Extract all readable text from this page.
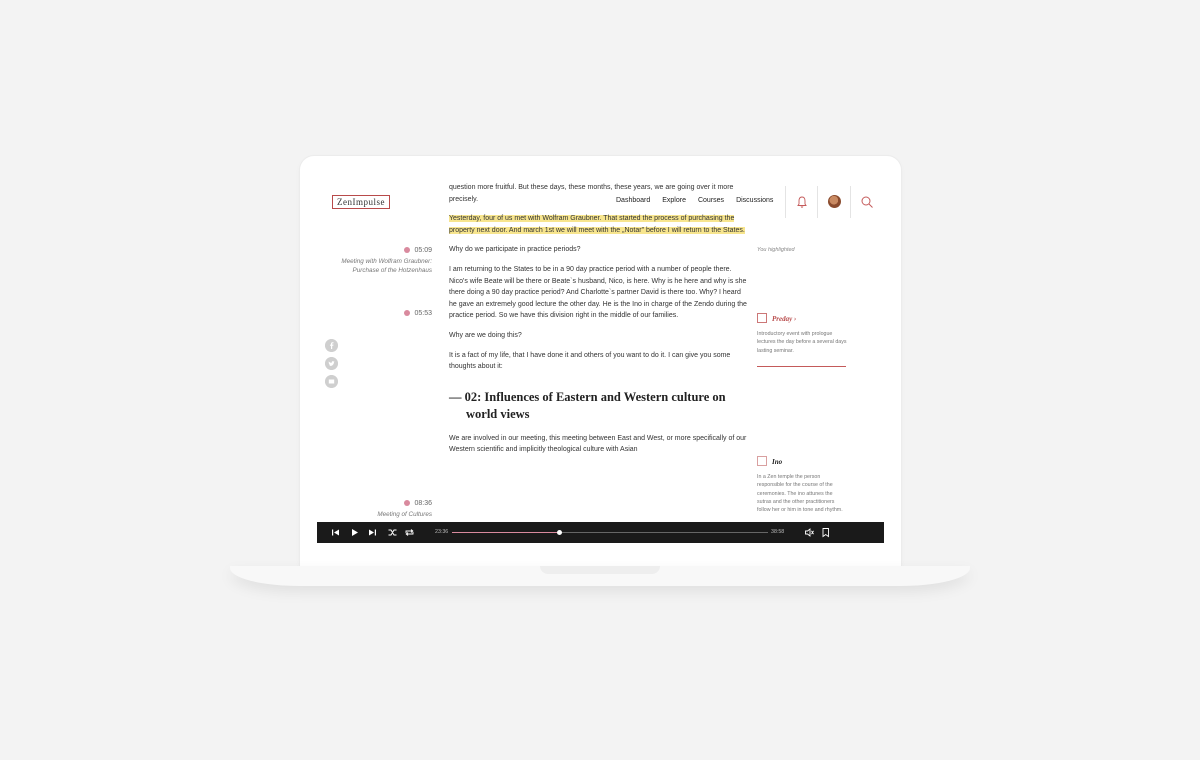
ZenImpulse	Dashboard Explore Courses Discussions
05:09
Meeting with Wolfram Graubner: Purchase of the Hotzenhaus
05:53
08:36
Meeting of Cultures

question more fruitful. But these days, these months, these years, we are going over it more precisely.

Yesterday, four of us met with Wolfram Graubner. That started the process of purchasing the property next door. And march 1st we will meet with the „Notar" before I will return to the States.

Why do we participate in practice periods?

I am returning to the States to be in a 90 day practice period with a number of people there. Nico's wife Beate will be there or Beate`s husband, Nico, is here. Why is he here and why is she there doing a 90 day practice period? And Charlotte`s partner David is there too. Why? I heard he gave an extremely good lecture the other day. He is the Ino in charge of the Zendo during the practice period. So we have this division right in the middle of our families.

Why are we doing this?

It is a fact of my life, that I have done it and others of you want to do it. I can give you some thoughts about it:

— 02: Influences of Eastern and Western culture on world views

We are involved in our meeting, this meeting between East and West, or more specifically of our Western scientific and implicitly theological culture with Asian

You highlighted
Preday ›
Introductory event with prologue lectures the day before a several days lasting seminar.
Ino
In a Zen temple the person responsible for the course of the ceremonies. The ino attunes the sutras and the other practitioners follow her or him in tone and rhythm.
23:36	38:58
